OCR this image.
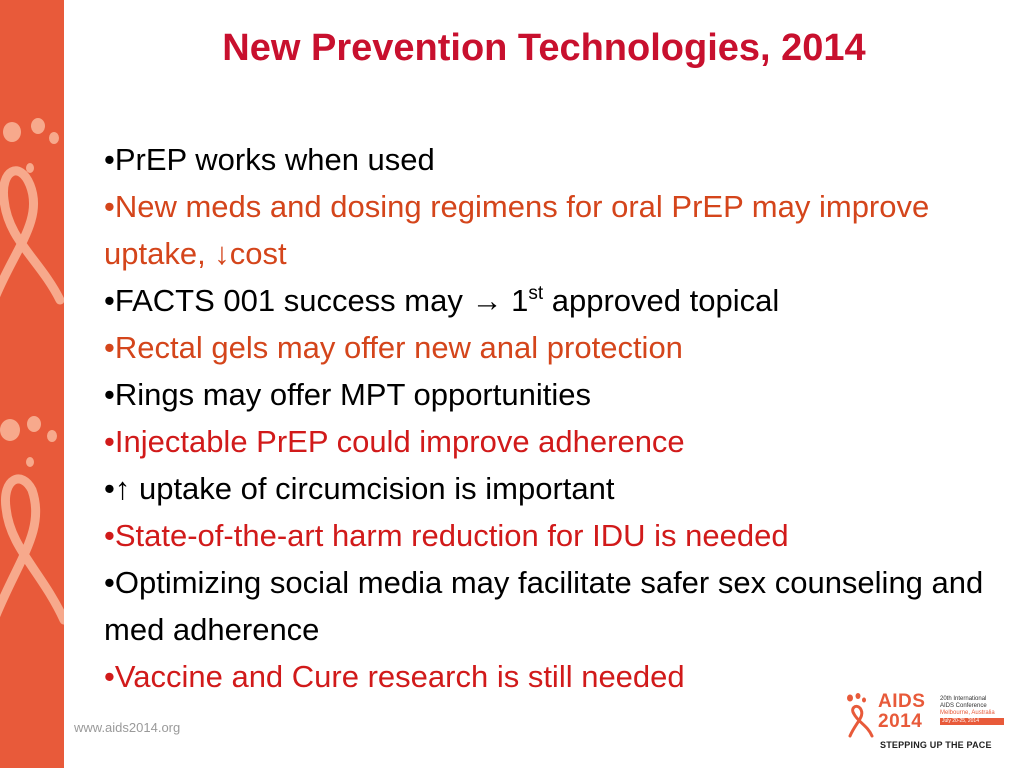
New Prevention Technologies, 2014
•PrEP works when used
•New meds and dosing regimens for oral PrEP may improve uptake, ↓cost
•FACTS 001 success may → 1st approved topical
•Rectal gels may offer new anal protection
•Rings may offer MPT opportunities
•Injectable PrEP could improve adherence
•↑ uptake of circumcision is important
•State-of-the-art harm reduction for IDU is needed
•Optimizing social media may facilitate safer sex counseling and med adherence
•Vaccine and Cure research is still needed
www.aids2014.org
AIDS
2014
20th International
AIDS Conference
Melbourne, Australia
July 20-25, 2014
STEPPING UP THE PACE
